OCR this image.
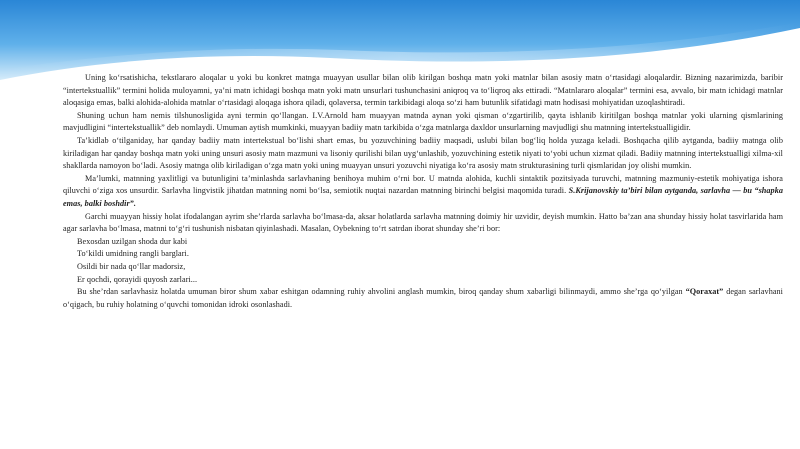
Uning ko‘rsatishicha, tekstlararo aloqalar u yoki bu konkret matnga muayyan usullar bilan olib kirilgan boshqa matn yoki matnlar bilan asosiy matn o‘rtasidagi aloqalardir. Bizning nazarimizda, baribir “intertekstuallik” termini holida muloyamni, ya’ni matn ichidagi boshqa matn yoki matn unsurlari tushunchasini aniqroq va to‘liqroq aks ettiradi. “Matnlararo aloqalar” termini esa, avvalo, bir matn ichidagi matnlar aloqasiga emas, balki alohida-alohida matnlar o‘rtasidagi aloqaga ishora qiladi, qolaversa, termin tarkibidagi aloqa so‘zi ham butunlik sifatidagi matn hodisasi mohiyatidan uzoqlashtiradi.

Shuning uchun ham nemis tilshunosligida ayni termin qo‘llangan. I.V.Arnold ham muayyan matnda aynan yoki qisman o‘zgartirilib, qayta ishlanib kiritilgan boshqa matnlar yoki ularning qismlarining mavjudligini “intertekstuallik” deb nomlaydi. Umuman aytish mumkinki, muayyan badiiy matn tarkibida o‘zga matnlarga daxldor unsurlarning mavjudligi shu matnning intertekstualligidir.

Ta’kidlab o‘tilganiday, har qanday badiiy matn intertekstual bo‘lishi shart emas, bu yozuvchining badiiy maqsadi, uslubi bilan bog‘liq holda yuzaga keladi. Boshqacha qilib aytganda, badiiy matnga olib kiriladigan har qanday boshqa matn yoki uning unsuri asosiy matn mazmuni va lisoniy qurilishi bilan uyg‘unlashib, yozuvchining estetik niyati to‘yobi uchun xizmat qiladi. Badiiy matnning intertekstualligi xilma-xil shakllarda namoyon bo‘ladi. Asosiy matnga olib kiriladigan o‘zga matn yoki uning muayyan unsuri yozuvchi niyatiga ko‘ra asosiy matn strukturasining turli qismlaridan joy olishi mumkin.

Ma’lumki, matnning yaxlitligi va butunligini ta’minlashda sarlavhaning benihoya muhim o‘rni bor. U matnda alohida, kuchli sintaktik pozitsiyada turuvchi, matnning mazmuniy-estetik mohiyatiga ishora qiluvchi o‘ziga xos unsurdir. Sarlavha lingvistik jihatdan matnning nomi bo‘lsa, semiotik nuqtai nazardan matnning birinchi belgisi maqomida turadi. S.Krijanovskiy ta’biri bilan aytganda, sarlavha — bu “shapka emas, balki boshdir”.

Garchi muayyan hissiy holat ifodalangan ayrim she’rlarda sarlavha bo‘lmasa-da, aksar holatlarda sarlavha matnning doimiy hir uzvidir, deyish mumkin. Hatto ba’zan ana shunday hissiy holat tasvirlarida ham agar sarlavha bo‘lmasa, matnni to‘g‘ri tushunish nisbatan qiyinlashadi. Masalan, Oybekning to‘rt satrdan iborat shunday she’ri bor:

Bexosdan uzilgan shoda dur kabi
To‘kildi umidning rangli barglari.
Osildi bir nada qo‘llar madorsiz,
Er qochdi, qorayidi quyosh zarlari...

Bu she’rdan sarlavhasiz holatda umuman biror shum xabar eshitgan odamning ruhiy ahvolini anglash mumkin, biroq qanday shum xabarligi bilinmaydi, ammo she’rga qo‘yilgan “Qoraxat” degan sarlavhani o‘qigach, bu ruhiy holatning o‘quvchi tomonidan idroki osonlashadi.
